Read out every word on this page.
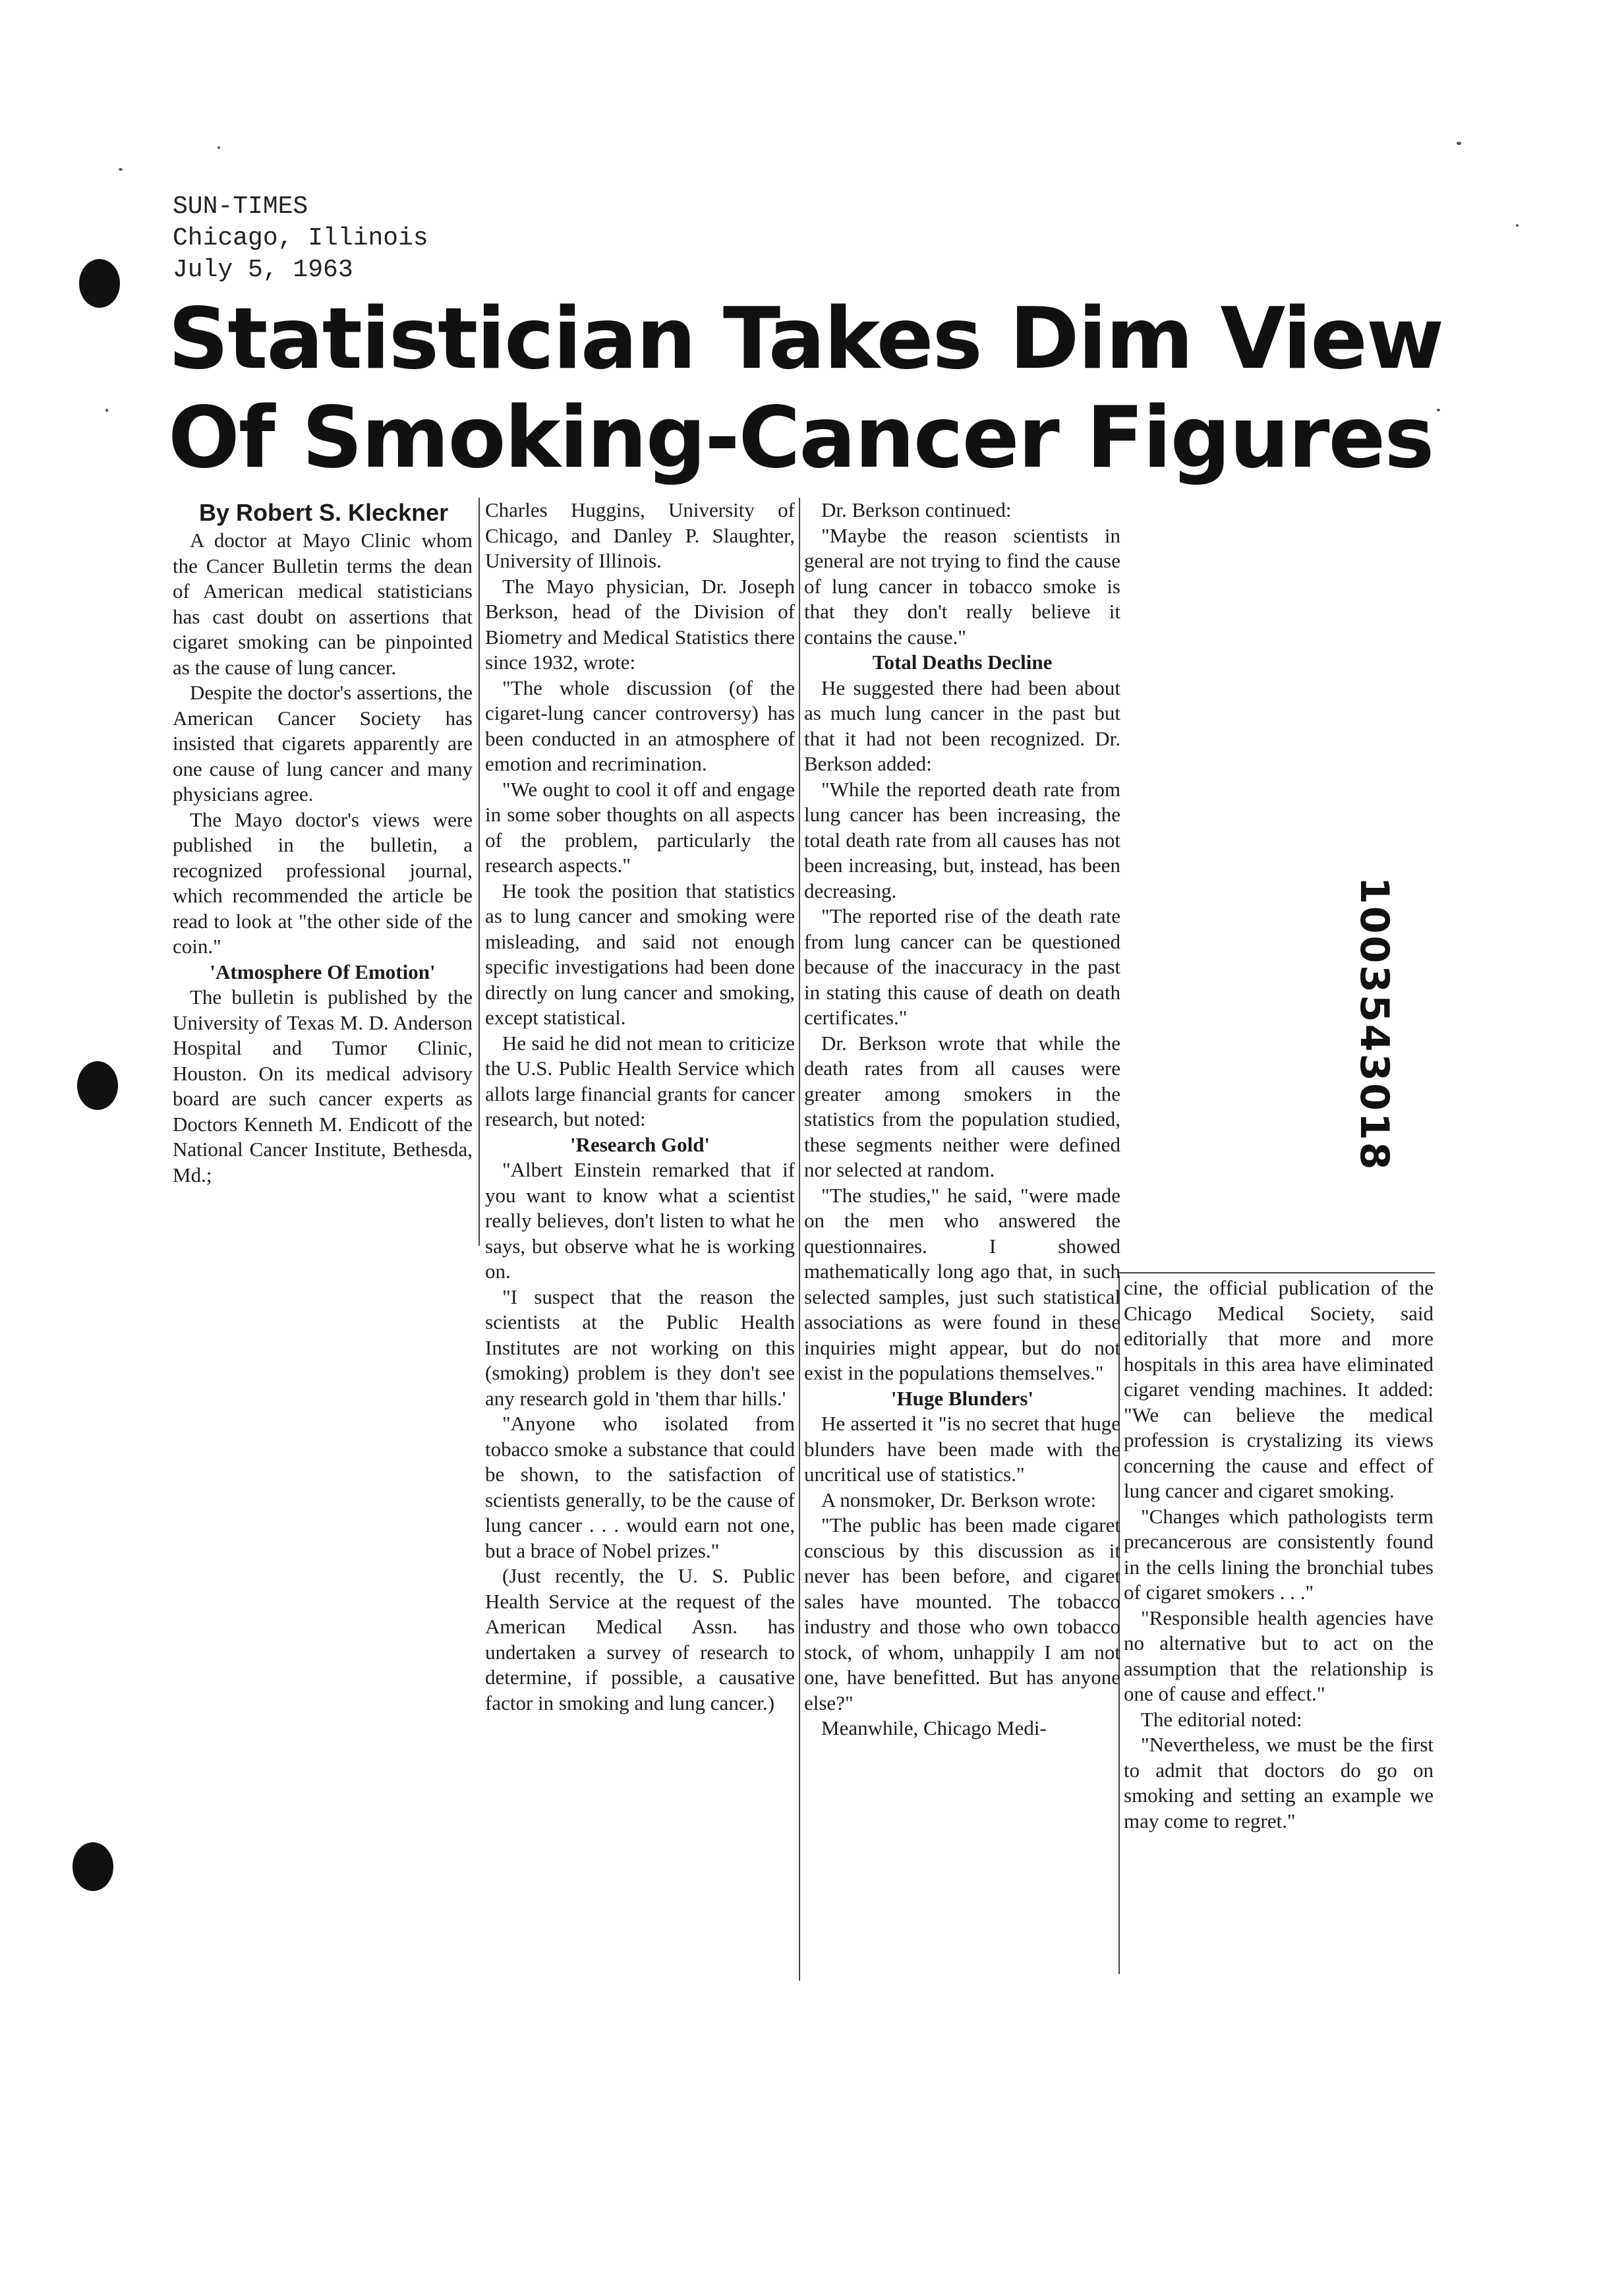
SUN-TIMES
Chicago, Illinois
July 5, 1963
Statistician Takes Dim View
Of Smoking-Cancer Figures

By Robert S. Kleckner

A doctor at Mayo Clinic whom the Cancer Bulletin terms the dean of American medical statisticians has cast doubt on assertions that cigaret smoking can be pinpointed as the cause of lung cancer.

Despite the doctor's assertions, the American Cancer Society has insisted that cigarets apparently are one cause of lung cancer and many physicians agree.

The Mayo doctor's views were published in the bulletin, a recognized professional journal, which recommended the article be read to look at "the other side of the coin."

'Atmosphere Of Emotion'

The bulletin is published by the University of Texas M. D. Anderson Hospital and Tumor Clinic, Houston. On its medical advisory board are such cancer experts as Doctors Kenneth M. Endicott of the National Cancer Institute, Bethesda, Md.;

Charles Huggins, University of Chicago, and Danley P. Slaughter, University of Illinois.

The Mayo physician, Dr. Joseph Berkson, head of the Division of Biometry and Medical Statistics there since 1932, wrote:

"The whole discussion (of the cigaret-lung cancer controversy) has been conducted in an atmosphere of emotion and recrimination.

"We ought to cool it off and engage in some sober thoughts on all aspects of the problem, particularly the research aspects."

He took the position that statistics as to lung cancer and smoking were misleading, and said not enough specific investigations had been done directly on lung cancer and smoking, except statistical.

He said he did not mean to criticize the U.S. Public Health Service which allots large financial grants for cancer research, but noted:

'Research Gold'

"Albert Einstein remarked that if you want to know what a scientist really believes, don't listen to what he says, but observe what he is working on.

"I suspect that the reason the scientists at the Public Health Institutes are not working on this (smoking) problem is they don't see any research gold in 'them thar hills.'

"Anyone who isolated from tobacco smoke a substance that could be shown, to the satisfaction of scientists generally, to be the cause of lung cancer . . . would earn not one, but a brace of Nobel prizes."

(Just recently, the U. S. Public Health Service at the request of the American Medical Assn. has undertaken a survey of research to determine, if possible, a causative factor in smoking and lung cancer.)

Dr. Berkson continued:

"Maybe the reason scientists in general are not trying to find the cause of lung cancer in tobacco smoke is that they don't really believe it contains the cause."

Total Deaths Decline

He suggested there had been about as much lung cancer in the past but that it had not been recognized. Dr. Berkson added:

"While the reported death rate from lung cancer has been increasing, the total death rate from all causes has not been increasing, but, instead, has been decreasing.

"The reported rise of the death rate from lung cancer can be questioned because of the inaccuracy in the past in stating this cause of death on death certificates."

Dr. Berkson wrote that while the death rates from all causes were greater among smokers in the statistics from the population studied, these segments neither were defined nor selected at random.

"The studies," he said, "were made on the men who answered the questionnaires. I showed mathematically long ago that, in such selected samples, just such statistical associations as were found in these inquiries might appear, but do not exist in the populations themselves."

'Huge Blunders'

He asserted it "is no secret that huge blunders have been made with the uncritical use of statistics."

A nonsmoker, Dr. Berkson wrote:

"The public has been made cigaret conscious by this discussion as it never has been before, and cigaret sales have mounted. The tobacco industry and those who own tobacco stock, of whom, unhappily I am not one, have benefitted. But has anyone else?"

Meanwhile, Chicago Medi-

cine, the official publication of the Chicago Medical Society, said editorially that more and more hospitals in this area have eliminated cigaret vending machines. It added: "We can believe the medical profession is crystalizing its views concerning the cause and effect of lung cancer and cigaret smoking.

"Changes which pathologists term precancerous are consistently found in the cells lining the bronchial tubes of cigaret smokers . . ."

"Responsible health agencies have no alternative but to act on the assumption that the relationship is one of cause and effect."

The editorial noted:

"Nevertheless, we must be the first to admit that doctors do go on smoking and setting an example we may come to regret."

1003543018
